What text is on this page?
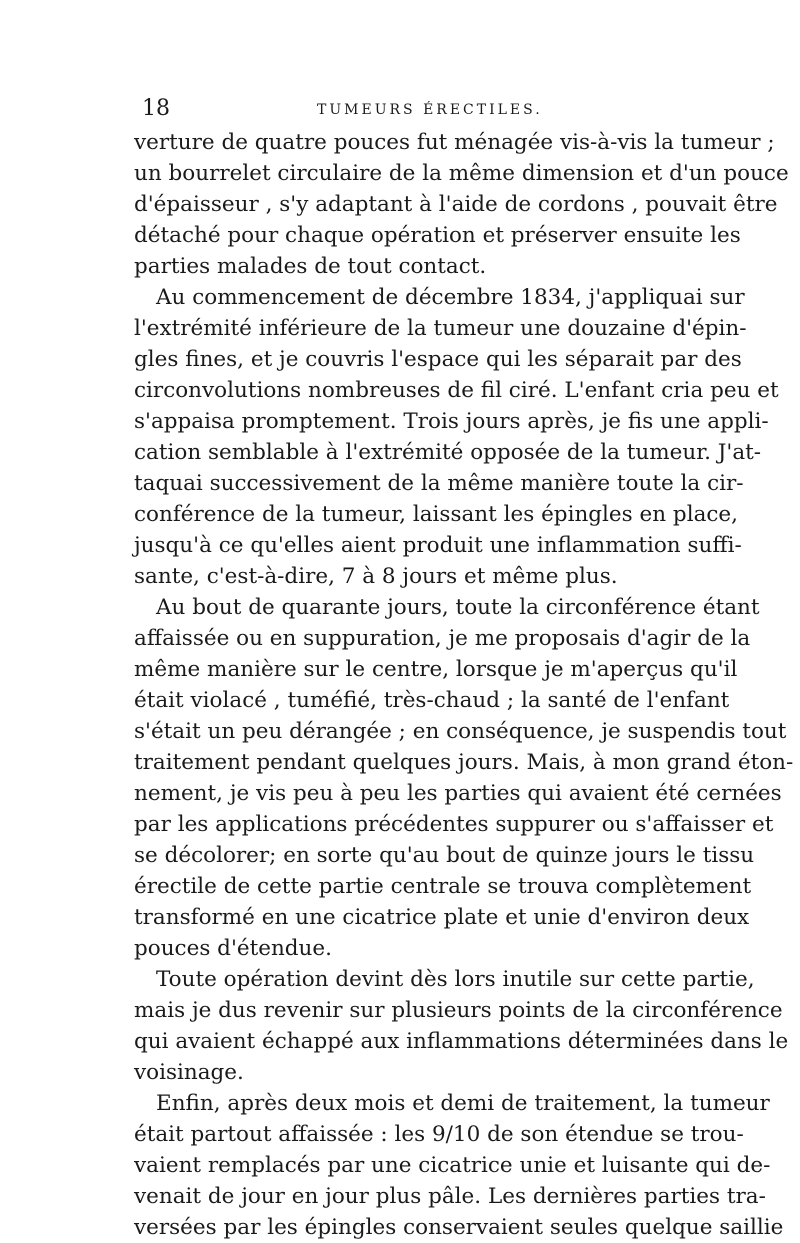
18	TUMEURS ÉRECTILES.
verture de quatre pouces fut ménagée vis-à-vis la tumeur ;
un bourrelet circulaire de la même dimension et d'un pouce
d'épaisseur , s'y adaptant à l'aide de cordons , pouvait être
détaché pour chaque opération et préserver ensuite les
parties malades de tout contact.
Au commencement de décembre 1834, j'appliquai sur
l'extrémité inférieure de la tumeur une douzaine d'épin-
gles fines, et je couvris l'espace qui les séparait par des
circonvolutions nombreuses de fil ciré. L'enfant cria peu et
s'appaisa promptement. Trois jours après, je fis une appli-
cation semblable à l'extrémité opposée de la tumeur. J'at-
taquai successivement de la même manière toute la cir-
conférence de la tumeur, laissant les épingles en place,
jusqu'à ce qu'elles aient produit une inflammation suffi-
sante, c'est-à-dire, 7 à 8 jours et même plus.
Au bout de quarante jours, toute la circonférence étant
affaissée ou en suppuration, je me proposais d'agir de la
même manière sur le centre, lorsque je m'aperçus qu'il
était violacé , tuméfié, très-chaud ; la santé de l'enfant
s'était un peu dérangée ; en conséquence, je suspendis tout
traitement pendant quelques jours. Mais, à mon grand éton-
nement, je vis peu à peu les parties qui avaient été cernées
par les applications précédentes suppurer ou s'affaisser et
se décolorer; en sorte qu'au bout de quinze jours le tissu
érectile de cette partie centrale se trouva complètement
transformé en une cicatrice plate et unie d'environ deux
pouces d'étendue.
Toute opération devint dès lors inutile sur cette partie,
mais je dus revenir sur plusieurs points de la circonférence
qui avaient échappé aux inflammations déterminées dans le
voisinage.
Enfin, après deux mois et demi de traitement, la tumeur
était partout affaissée : les 9/10 de son étendue se trou-
vaient remplacés par une cicatrice unie et luisante qui de-
venait de jour en jour plus pâle. Les dernières parties tra-
versées par les épingles conservaient seules quelque saillie
